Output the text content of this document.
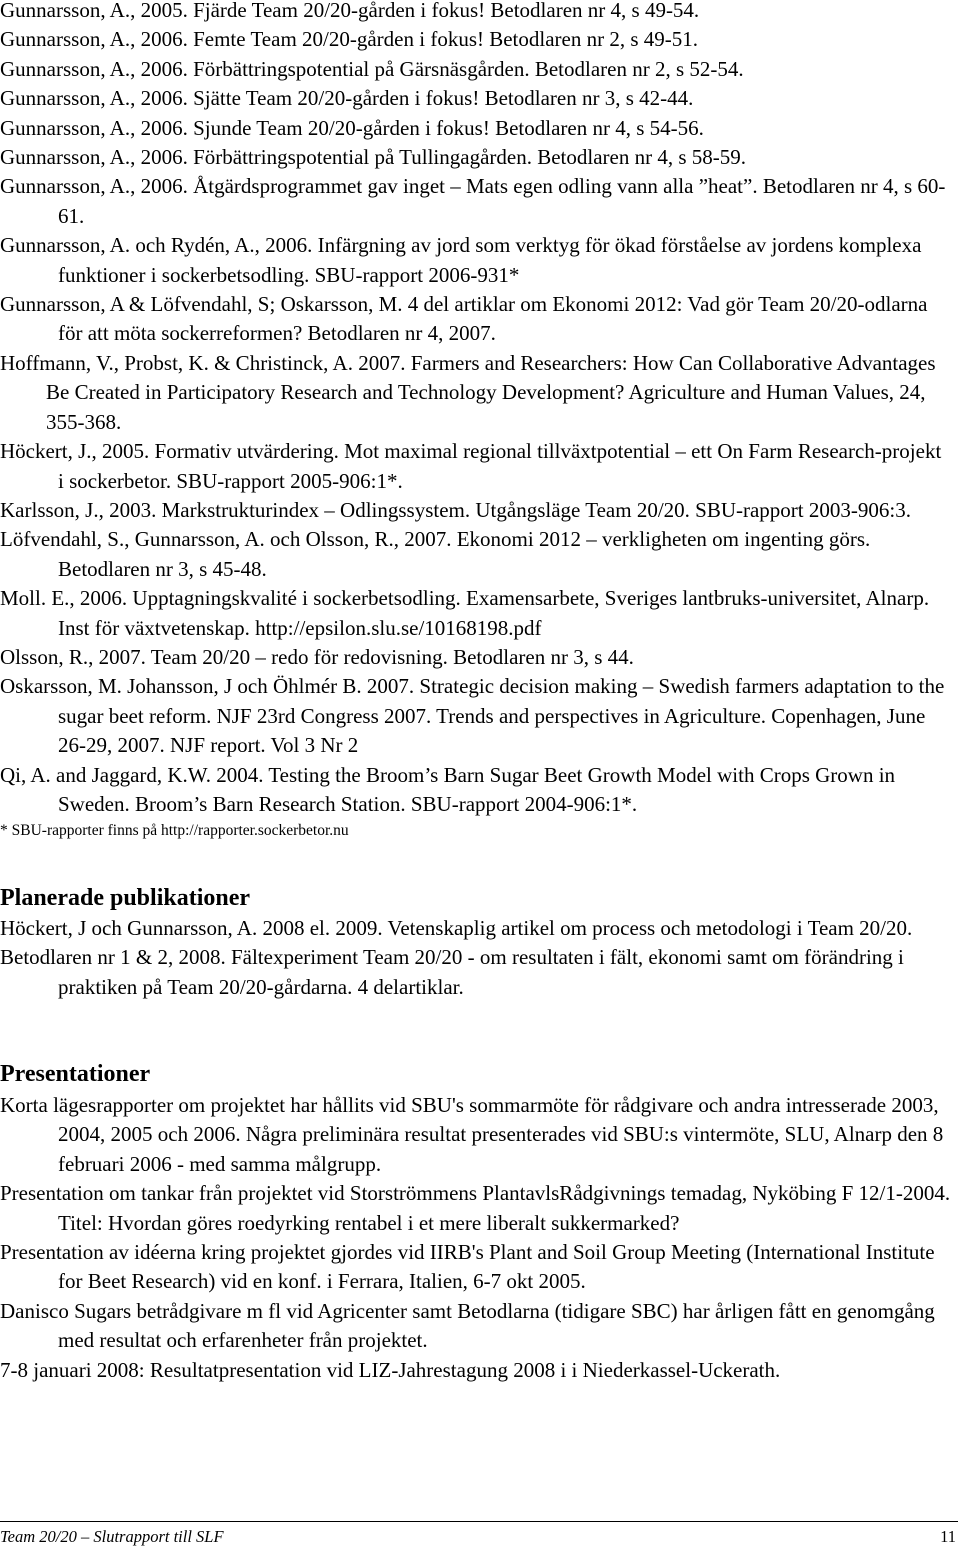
Gunnarsson, A., 2005. Fjärde Team 20/20-gården i fokus! Betodlaren nr 4, s 49-54.

Gunnarsson, A., 2006. Femte Team 20/20-gården i fokus! Betodlaren nr 2, s 49-51.

Gunnarsson, A., 2006. Förbättringspotential på Gärsnäsgården. Betodlaren nr 2, s 52-54.

Gunnarsson, A., 2006. Sjätte Team 20/20-gården i fokus! Betodlaren nr 3, s 42-44.

Gunnarsson, A., 2006. Sjunde Team 20/20-gården i fokus! Betodlaren nr 4, s 54-56.

Gunnarsson, A., 2006. Förbättringspotential på Tullingagården. Betodlaren nr 4, s 58-59.

Gunnarsson, A., 2006. Åtgärdsprogrammet gav inget – Mats egen odling vann alla ”heat”. Betodlaren nr 4, s 60-61.

Gunnarsson, A. och Rydén, A., 2006. Infärgning av jord som verktyg för ökad förståelse av jordens komplexa funktioner i sockerbetsodling. SBU-rapport 2006-931*

Gunnarsson, A & Löfvendahl, S; Oskarsson, M. 4 del artiklar om Ekonomi 2012: Vad gör Team 20/20-odlarna för att möta sockerreformen? Betodlaren nr 4, 2007.

Hoffmann, V., Probst, K. & Christinck, A. 2007. Farmers and Researchers: How Can Collaborative Advantages Be Created in Participatory Research and Technology Development? Agriculture and Human Values, 24, 355-368.

Höckert, J., 2005. Formativ utvärdering. Mot maximal regional tillväxtpotential – ett On Farm Research-projekt i sockerbetor. SBU-rapport 2005-906:1*.

Karlsson, J., 2003. Markstrukturindex – Odlingssystem. Utgångsläge Team 20/20. SBU-rapport 2003-906:3.

Löfvendahl, S., Gunnarsson, A. och Olsson, R., 2007. Ekonomi 2012 – verkligheten om ingenting görs. Betodlaren nr 3, s 45-48.

Moll. E., 2006. Upptagningskvalité i sockerbetsodling. Examensarbete, Sveriges lantbruks-universitet, Alnarp. Inst för växtvetenskap. http://epsilon.slu.se/10168198.pdf

Olsson, R., 2007. Team 20/20 – redo för redovisning. Betodlaren nr 3, s 44.

Oskarsson, M. Johansson, J och Öhlmér B. 2007. Strategic decision making – Swedish farmers adaptation to the sugar beet reform. NJF 23rd Congress 2007. Trends and perspectives in Agriculture. Copenhagen, June 26-29, 2007. NJF report. Vol 3 Nr 2

Qi, A. and Jaggard, K.W. 2004. Testing the Broom’s Barn Sugar Beet Growth Model with Crops Grown in Sweden. Broom’s Barn Research Station. SBU-rapport 2004-906:1*.

* SBU-rapporter finns på http://rapporter.sockerbetor.nu

Planerade publikationer

Höckert, J och Gunnarsson, A. 2008 el. 2009. Vetenskaplig artikel om process och metodologi i Team 20/20.

Betodlaren nr 1 & 2, 2008. Fältexperiment Team 20/20 - om resultaten i fält, ekonomi samt om förändring i praktiken på Team 20/20-gårdarna. 4 delartiklar.

Presentationer

Korta lägesrapporter om projektet har hållits vid SBU's sommarmöte för rådgivare och andra intresserade 2003, 2004, 2005 och 2006. Några preliminära resultat presenterades vid SBU:s vintermöte, SLU, Alnarp den 8 februari 2006 - med samma målgrupp.

Presentation om tankar från projektet vid Storströmmens PlantavlsRådgivnings temadag, Nyköbing F 12/1-2004. Titel: Hvordan göres roedyrking rentabel i et mere liberalt sukkermarked?

Presentation av idéerna kring projektet gjordes vid IIRB's Plant and Soil Group Meeting (International Institute for Beet Research) vid en konf. i Ferrara, Italien, 6-7 okt 2005.

Danisco Sugars betrådgivare m fl vid Agricenter samt Betodlarna (tidigare SBC) har årligen fått en genomgång med resultat och erfarenheter från projektet.

7-8 januari 2008: Resultatpresentation vid LIZ-Jahrestagung 2008 i i Niederkassel-Uckerath.

Team 20/20 – Slutrapport till SLF	11
